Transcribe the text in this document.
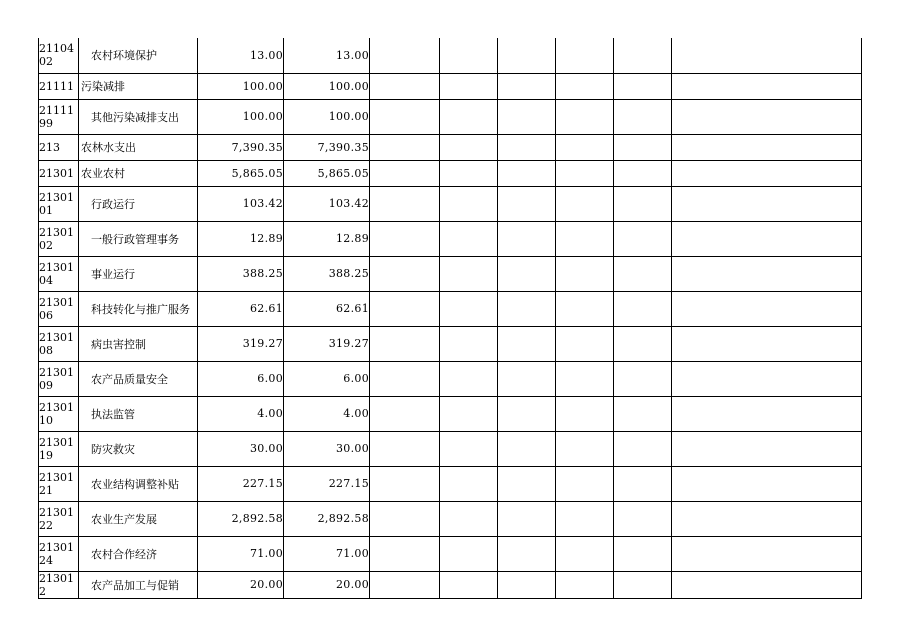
2110402	农村环境保护	13.00	13.00						
21111	污染减排	100.00	100.00						
2111199	其他污染减排支出	100.00	100.00						
213	农林水支出	7,390.35	7,390.35						
21301	农业农村	5,865.05	5,865.05						
2130101	行政运行	103.42	103.42						
2130102	一般行政管理事务	12.89	12.89						
2130104	事业运行	388.25	388.25						
2130106	科技转化与推广服务	62.61	62.61						
2130108	病虫害控制	319.27	319.27						
2130109	农产品质量安全	6.00	6.00						
2130110	执法监管	4.00	4.00						
2130119	防灾救灾	30.00	30.00						
2130121	农业结构调整补贴	227.15	227.15						
2130122	农业生产发展	2,892.58	2,892.58						
2130124	农村合作经济	71.00	71.00						
213012	农产品加工与促销	20.00	20.00						
